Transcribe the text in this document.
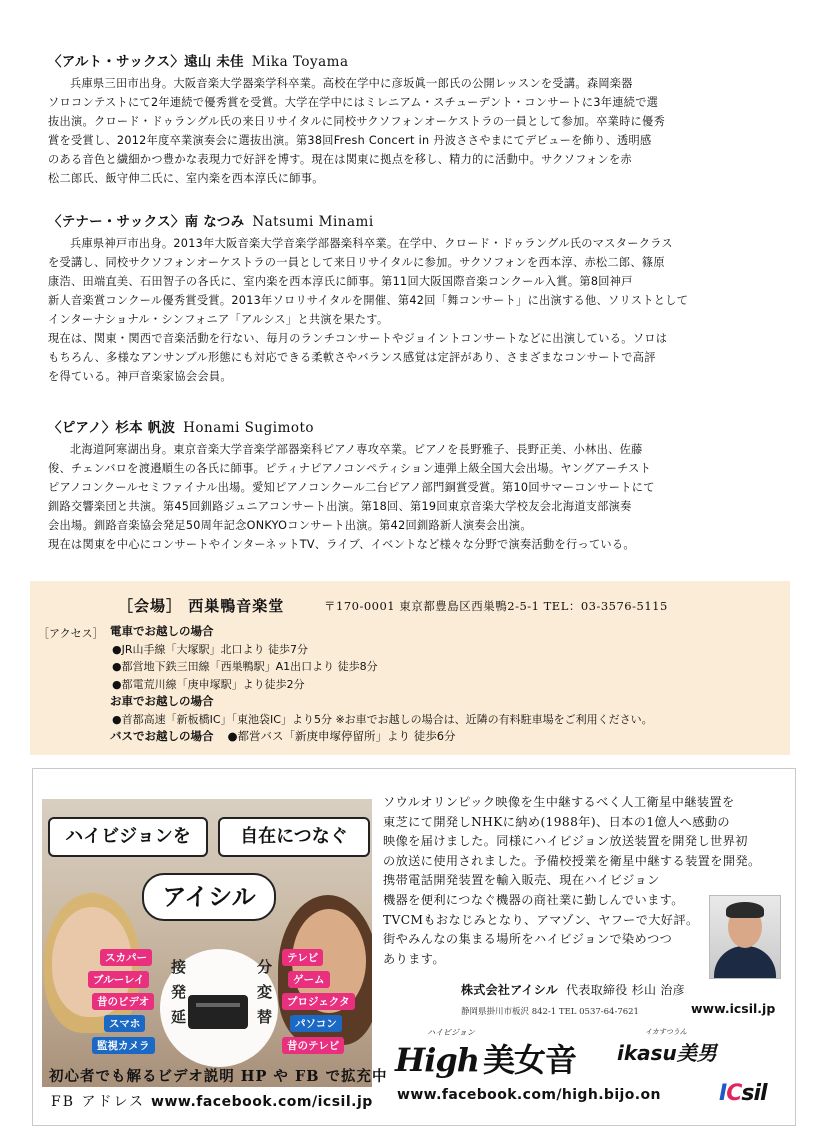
〈アルト・サックス〉遠山 未佳 Mika Toyama

兵庫県三田市出身。大阪音楽大学器楽学科卒業。高校在学中に彦坂眞一郎氏の公開レッスンを受講。森岡楽器
ソロコンテストにて2年連続で優秀賞を受賞。大学在学中にはミレニアム・スチューデント・コンサートに3年連続で選
抜出演。クロード・ドゥラングル氏の来日リサイタルに同校サクソフォンオーケストラの一員として参加。卒業時に優秀
賞を受賞し、2012年度卒業演奏会に選抜出演。第38回Fresh Concert in 丹波ささやまにてデビューを飾り、透明感
のある音色と繊細かつ豊かな表現力で好評を博す。現在は関東に拠点を移し、精力的に活動中。サクソフォンを赤
松二郎氏、飯守伸二氏に、室内楽を西本淳氏に師事。

〈テナー・サックス〉南 なつみ Natsumi Minami

兵庫県神戸市出身。2013年大阪音楽大学音楽学部器楽科卒業。在学中、クロード・ドゥラングル氏のマスタークラス
を受講し、同校サクソフォンオーケストラの一員として来日リサイタルに参加。サクソフォンを西本淳、赤松二郎、篠原
康浩、田端直美、石田智子の各氏に、室内楽を西本淳氏に師事。第11回大阪国際音楽コンクール入賞。第8回神戸
新人音楽賞コンクール優秀賞受賞。2013年ソロリサイタルを開催、第42回「舞コンサート」に出演する他、ソリストとして
インターナショナル・シンフォニア「アルシス」と共演を果たす。

現在は、関東・関西で音楽活動を行ない、毎月のランチコンサートやジョイントコンサートなどに出演している。ソロは
もちろん、多様なアンサンブル形態にも対応できる柔軟さやバランス感覚は定評があり、さまざまなコンサートで高評
を得ている。神戸音楽家協会会員。

〈ピアノ〉杉本 帆波 Honami Sugimoto

北海道阿寒湖出身。東京音楽大学音楽学部器楽科ピアノ専攻卒業。ピアノを長野雅子、長野正美、小林出、佐藤
俊、チェンバロを渡邉順生の各氏に師事。ピティナピアノコンペティション連弾上級全国大会出場。ヤングアーチスト
ピアノコンクールセミファイナル出場。愛知ピアノコンクール二台ピアノ部門銅賞受賞。第10回サマーコンサートにて
釧路交響楽団と共演。第45回釧路ジュニアコンサート出演。第18回、第19回東京音楽大学校友会北海道支部演奏
会出場。釧路音楽協会発足50周年記念ONKYOコンサート出演。第42回釧路新人演奏会出演。

現在は関東を中心にコンサートやインターネットTV、ライブ、イベントなど様々な分野で演奏活動を行っている。

［会場］ 西巣鴨音楽堂	〒170-0001 東京都豊島区西巣鴨2-5-1 TEL：03-3576-5115
［アクセス］ 電車でお越しの場合
●JR山手線「大塚駅」北口より 徒歩7分
●都営地下鉄三田線「西巣鴨駅」A1出口より 徒歩8分
●都電荒川線「庚申塚駅」より徒歩2分
お車でお越しの場合
●首都高速「新板橋IC」「東池袋IC」より5分 ※お車でお越しの場合は、近隣の有料駐車場をご利用ください。
バスでお越しの場合 ●都営バス「新庚申塚停留所」より 徒歩6分
ハイビジョンを	自在につなぐ
アイシル
接発延	分変替
スカパー
ブルーレイ
昔のビデオ
スマホ
監視カメラ
テレビ
ゲーム
プロジェクタ
パソコン
昔のテレビ
初心者でも解るビデオ説明 HP や FB で拡充中
FB アドレス www.facebook.com/icsil.jp
ソウルオリンピック映像を生中継するべく人工衛星中継装置を
東芝にて開発しNHKに納め(1988年)、日本の1億人へ感動の
映像を届けました。同様にハイビジョン放送装置を開発し世界初
の放送に使用されました。予備校授業を衛星中継する装置を開発。
携帯電話開発装置を輸入販売、現在ハイビジョン
機器を便利につなぐ機器の商社業に勤しんでいます。
TVCMもおなじみとなり、アマゾン、ヤフーで大好評。
街やみんなの集まる場所をハイビジョンで染めつつ
あります。
株式会社アイシル 代表取締役 杉山 治彦
静岡県掛川市板沢 842-1 TEL 0537-64-7621	www.icsil.jp
ハイビジョン
High 美女音
イカすつうん
ikasu美男
www.facebook.com/high.bijo.on	ICsil
